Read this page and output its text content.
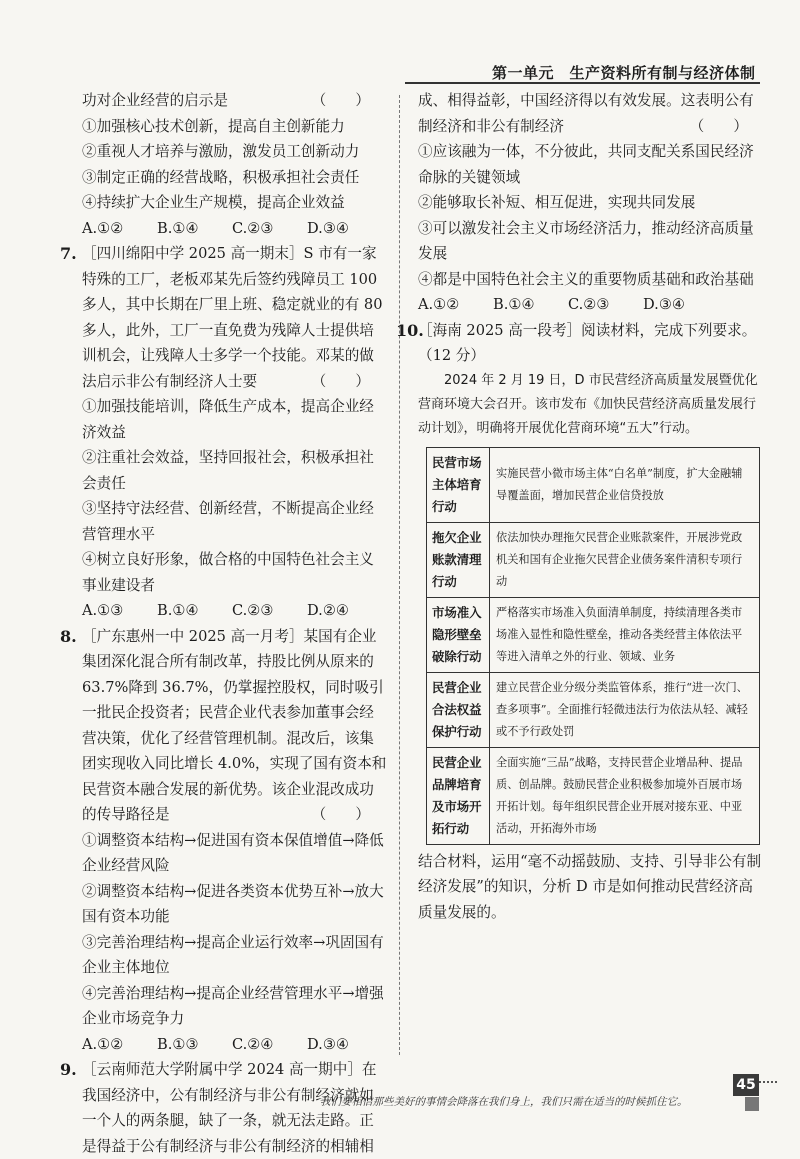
第一单元　生产资料所有制与经济体制

功对企业经营的启示是	（　　）

①加强核心技术创新，提高自主创新能力

②重视人才培养与激励，激发员工创新动力

③制定正确的经营战略，积极承担社会责任

④持续扩大企业生产规模，提高企业效益

A.①② B.①④ C.②③ D.③④

7. ［四川绵阳中学 2025 高一期末］S 市有一家特殊的工厂，老板邓某先后签约残障员工 100 多人，其中长期在厂里上班、稳定就业的有 80 多人，此外，工厂一直免费为残障人士提供培训机会，让残障人士多学一个技能。邓某的做法启示非公有制经济人士要	（　　）

①加强技能培训，降低生产成本，提高企业经济效益

②注重社会效益，坚持回报社会，积极承担社会责任

③坚持守法经营、创新经营，不断提高企业经营管理水平

④树立良好形象，做合格的中国特色社会主义事业建设者

A.①③ B.①④ C.②③ D.②④

8. ［广东惠州一中 2025 高一月考］某国有企业集团深化混合所有制改革，持股比例从原来的 63.7%降到 36.7%，仍掌握控股权，同时吸引一批民企投资者；民营企业代表参加董事会经营决策，优化了经营管理机制。混改后，该集团实现收入同比增长 4.0%，实现了国有资本和民营资本融合发展的新优势。该企业混改成功的传导路径是	（　　）

①调整资本结构→促进国有资本保值增值→降低企业经营风险

②调整资本结构→促进各类资本优势互补→放大国有资本功能

③完善治理结构→提高企业运行效率→巩固国有企业主体地位

④完善治理结构→提高企业经营管理水平→增强企业市场竞争力

A.①② B.①③ C.②④ D.③④

9. ［云南师范大学附属中学 2024 高一期中］在我国经济中，公有制经济与非公有制经济就如一个人的两条腿，缺了一条，就无法走路。正是得益于公有制经济与非公有制经济的相辅相

成、相得益彰，中国经济得以有效发展。这表明公有制经济和非公有制经济	（　　）

①应该融为一体，不分彼此，共同支配关系国民经济命脉的关键领域

②能够取长补短、相互促进，实现共同发展

③可以激发社会主义市场经济活力，推动经济高质量发展

④都是中国特色社会主义的重要物质基础和政治基础

A.①② B.①④ C.②③ D.③④

10.

［海南 2025 高一段考］阅读材料，完成下列要求。（12 分）

2024 年 2 月 19 日，D 市民营经济高质量发展暨优化营商环境大会召开。该市发布《加快民营经济高质量发展行动计划》，明确将开展优化营商环境“五大”行动。

民营市场主体培育行动	实施民营小微市场主体“白名单”制度，扩大金融辅导覆盖面，增加民营企业信贷投放
拖欠企业账款清理行动	依法加快办理拖欠民营企业账款案件，开展涉党政机关和国有企业拖欠民营企业债务案件清积专项行动
市场准入隐形壁垒破除行动	严格落实市场准入负面清单制度，持续清理各类市场准入显性和隐性壁垒，推动各类经营主体依法平等进入清单之外的行业、领域、业务
民营企业合法权益保护行动	建立民营企业分级分类监管体系，推行“进一次门、查多项事”。全面推行轻微违法行为依法从轻、减轻或不予行政处罚
民营企业品牌培育及市场开拓行动	全面实施“三品”战略，支持民营企业增品种、提品质、创品牌。鼓励民营企业积极参加境外百展市场开拓计划。每年组织民营企业开展对接东亚、中亚活动，开拓海外市场

结合材料，运用“毫不动摇鼓励、支持、引导非公有制经济发展”的知识，分析 D 市是如何推动民营经济高质量发展的。

我们要相信那些美好的事情会降落在我们身上，我们只需在适当的时候抓住它。
45
